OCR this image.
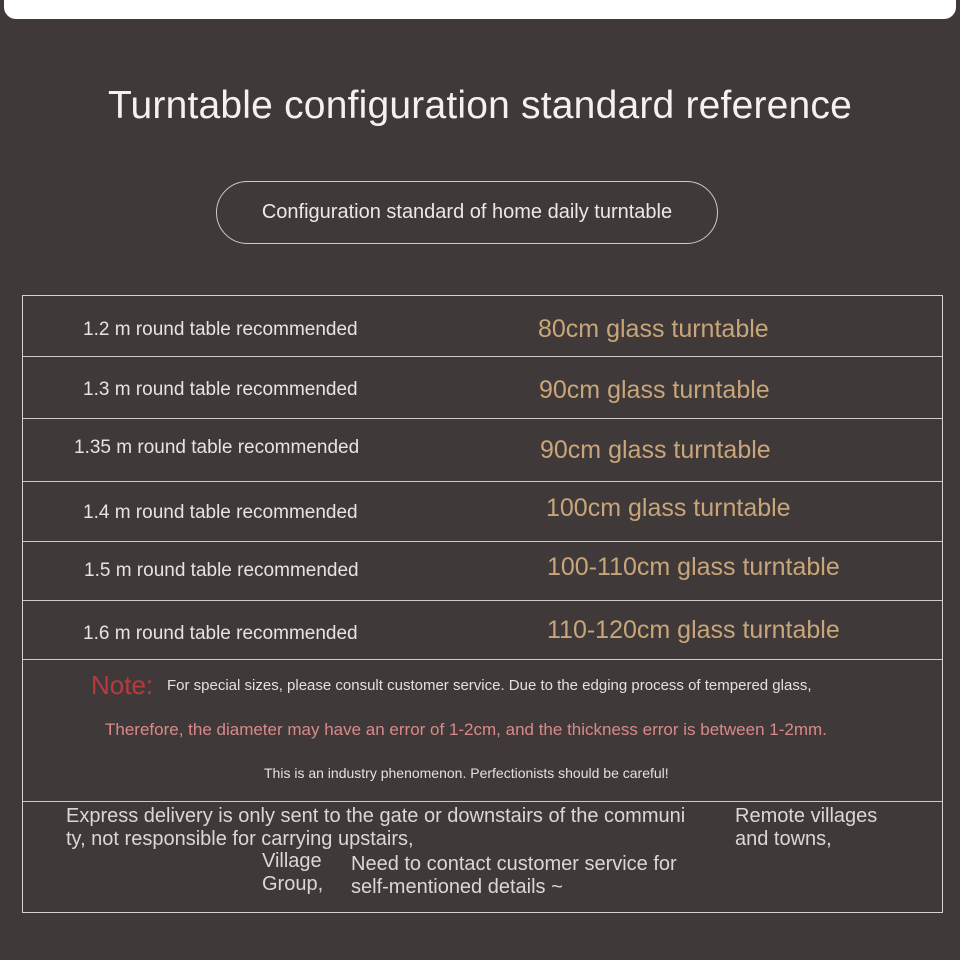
Turntable configuration standard reference
Configuration standard of home daily turntable
1.2 m round table recommended	80cm glass turntable
1.3 m round table recommended	90cm glass turntable
1.35 m round table recommended	90cm glass turntable
1.4 m round table recommended	100cm glass turntable
1.5 m round table recommended	100-110cm glass turntable
1.6 m round table recommended	110-120cm glass turntable
Note: For special sizes, please consult customer service. Due to the edging process of tempered glass,
Therefore, the diameter may have an error of 1-2cm, and the thickness error is between 1-2mm.
This is an industry phenomenon. Perfectionists should be careful!
Express delivery is only sent to the gate or downstairs of the communi
ty, not responsible for carrying upstairs,
Remote villages
and towns,
Village
Group,
Need to contact customer service for
self-mentioned details ~
